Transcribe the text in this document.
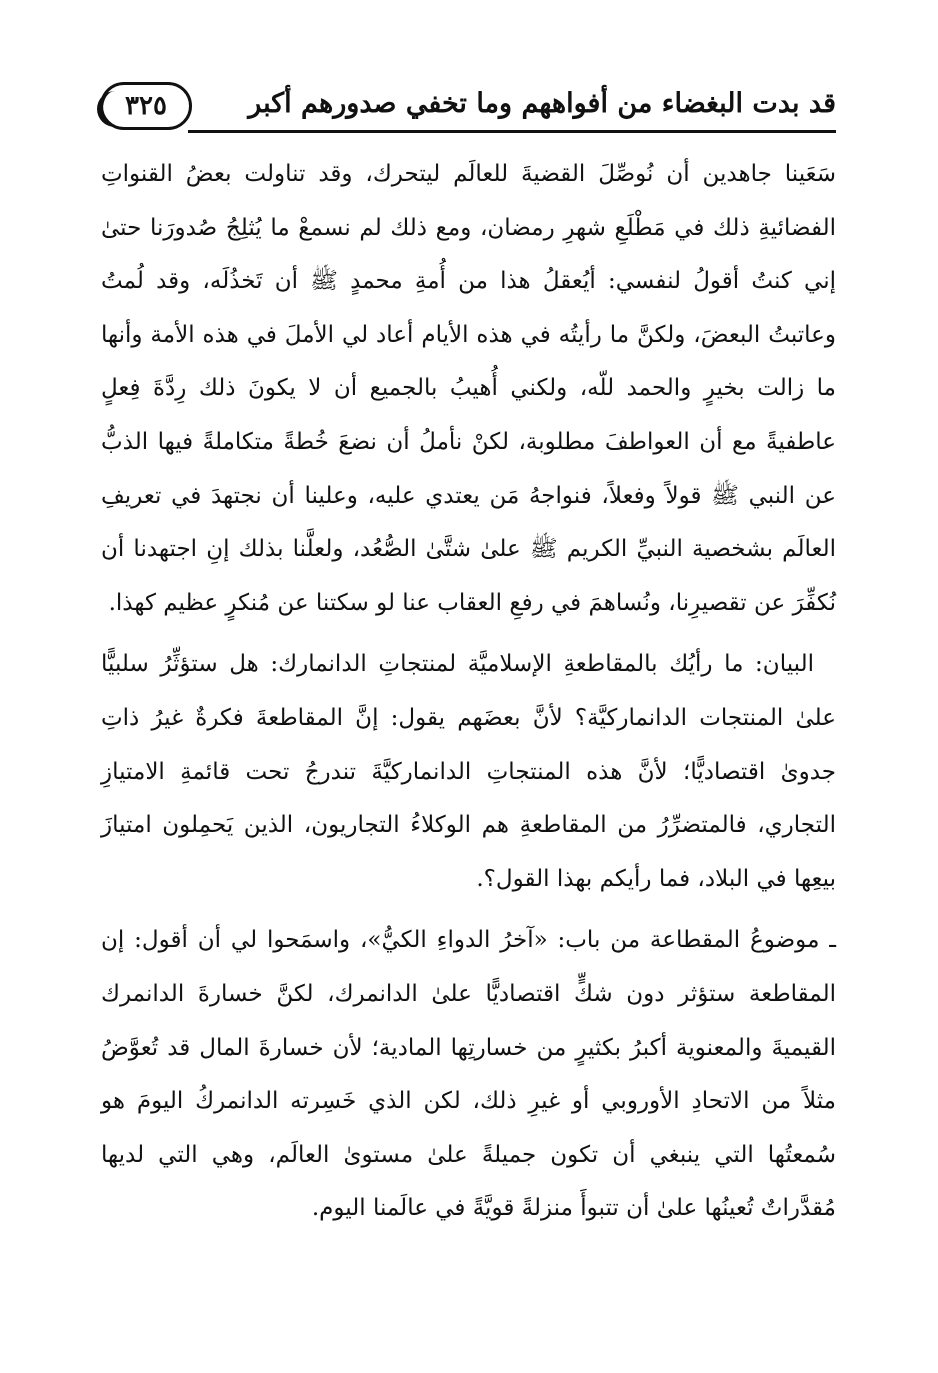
٣٢٥	قد بدت البغضاء من أفواههم وما تخفي صدورهم أكبر

سَعَينا جاهدين أن نُوصِّلَ القضيةَ للعالَم ليتحرك، وقد تناولت بعضُ القنواتِ الفضائيةِ ذلك في مَطْلَعِ شهرِ رمضان، ومع ذلك لم نسمعْ ما يُثلِجُ صُدورَنا حتىٰ إني كنتُ أقولُ لنفسي: أيُعقلُ هذا من أُمةِ محمدٍ ﷺ أن تَخذُلَه، وقد لُمتُ وعاتبتُ البعضَ، ولكنَّ ما رأيتُه في هذه الأيام أعاد لي الأملَ في هذه الأمة وأنها ما زالت بخيرٍ والحمد للّه، ولكني أُهيبُ بالجميع أن لا يكونَ ذلك رِدَّةَ فِعلٍ عاطفيةً مع أن العواطفَ مطلوبة، لكنْ نأملُ أن نضعَ خُطةً متكاملةً فيها الذبُّ عن النبي ﷺ قولاً وفعلاً، فنواجهُ مَن يعتدي عليه، وعلينا أن نجتهدَ في تعريفِ العالَم بشخصية النبيِّ الكريم ﷺ علىٰ شتَّىٰ الصُّعُد، ولعلَّنا بذلك إنِ اجتهدنا أن نُكفِّرَ عن تقصيرِنا، ونُساهمَ في رفعِ العقاب عنا لو سكتنا عن مُنكرٍ عظيم كهذا.

البيان: ما رأيُك بالمقاطعةِ الإسلاميَّة لمنتجاتِ الدانمارك: هل ستؤثِّرُ سلبيًّا علىٰ المنتجات الدانماركيَّة؟ لأنَّ بعضَهم يقول: إنَّ المقاطعةَ فكرةٌ غيرُ ذاتِ جدوىٰ اقتصاديًّا؛ لأنَّ هذه المنتجاتِ الدانماركيَّةَ تندرجُ تحت قائمةِ الامتيازِ التجاري، فالمتضرِّرُ من المقاطعةِ هم الوكلاءُ التجاريون، الذين يَحمِلون امتيازَ بيعِها في البلاد، فما رأيكم بهذا القول؟.

ـ موضوعُ المقطاعة من باب: «آخرُ الدواءِ الكيُّ»، واسمَحوا لي أن أقول: إن المقاطعة ستؤثر دون شكٍّ اقتصاديًّا علىٰ الدانمرك، لكنَّ خسارةَ الدانمرك القيميةَ والمعنوية أكبرُ بكثيرٍ من خسارتِها المادية؛ لأن خسارةَ المال قد تُعوَّضُ مثلاً من الاتحادِ الأوروبي أو غيرِ ذلك، لكن الذي خَسِرته الدانمركُ اليومَ هو سُمعتُها التي ينبغي أن تكون جميلةً علىٰ مستوىٰ العالَم، وهي التي لديها مُقدَّراتٌ تُعينُها علىٰ أن تتبوأَ منزلةً قويَّةً في عالَمنا اليوم.
